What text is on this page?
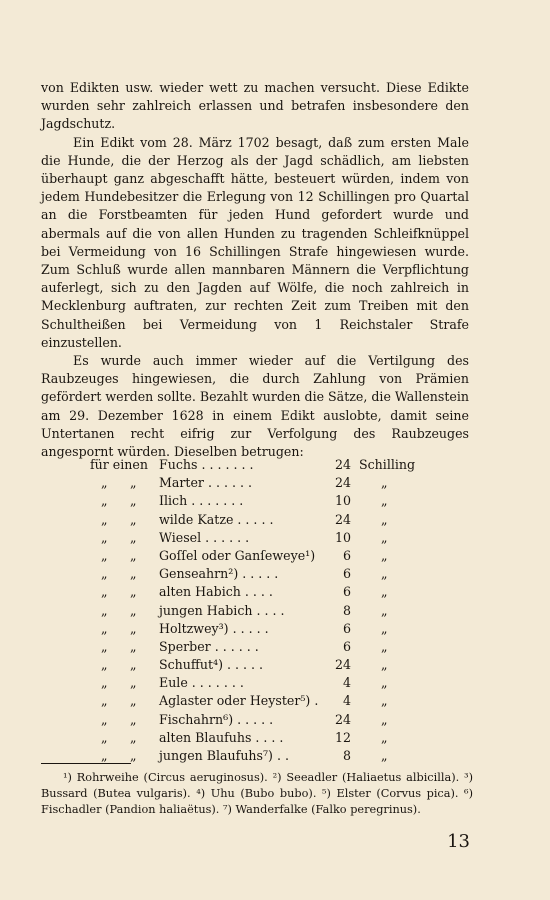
von Edikten usw. wieder wett zu machen versucht. Diese Edikte wurden sehr zahlreich erlassen und betrafen insbesondere den Jagdschutz.

Ein Edikt vom 28. März 1702 besagt, daß zum ersten Male die Hunde, die der Herzog als der Jagd schädlich, am liebsten überhaupt ganz abgeschafft hätte, besteuert würden, indem von jedem Hundebesitzer die Erlegung von 12 Schillingen pro Quartal an die Forstbeamten für jeden Hund gefordert wurde und abermals auf die von allen Hunden zu tragenden Schleifknüppel bei Vermeidung von 16 Schillingen Strafe hingewiesen wurde. Zum Schluß wurde allen mannbaren Männern die Verpflichtung auferlegt, sich zu den Jagden auf Wölfe, die noch zahlreich in Mecklenburg auftraten, zur rechten Zeit zum Treiben mit den Schultheißen bei Vermeidung von 1 Reichstaler Strafe einzustellen.

Es wurde auch immer wieder auf die Vertilgung des Raubzeuges hingewiesen, die durch Zahlung von Prämien gefördert werden sollte. Bezahlt wurden die Sätze, die Wallenstein am 29. Dezember 1628 in einem Edikt auslobte, damit seine Untertanen recht eifrig zur Verfolgung des Raubzeuges angespornt würden. Dieselben betrugen:

für einen Fuchs . . . . . . .	24 Schilling
„ „ Marter . . . . . .	24 „
„ „ Ilich . . . . . . .	10 „
„ „ wilde Katze . . . . .	24 „
„ „ Wiesel . . . . . .	10 „
„ „ Goſſel oder Ganſeweye¹)	6 „
„ „ Genseahrn²) . . . . .	6 „
„ „ alten Habich . . . .	6 „
„ „ jungen Habich . . . .	8 „
„ „ Holtzwey³) . . . . .	6 „
„ „ Sperber . . . . . .	6 „
„ „ Schuffut⁴) . . . . .	24 „
„ „ Eule . . . . . . .	4 „
„ „ Aglaster oder Heyster⁵) .	4 „
„ „ Fischahrn⁶) . . . . .	24 „
„ „ alten Blaufuhs . . . .	12 „
„ „ jungen Blaufuhs⁷) . .	8 „

¹) Rohrweihe (Circus aeruginosus). ²) Seeadler (Haliaetus albicilla). ³) Bussard (Butea vulgaris). ⁴) Uhu (Bubo bubo). ⁵) Elster (Corvus pica). ⁶) Fischadler (Pandion haliaëtus). ⁷) Wanderfalke (Falko peregrinus).

13
